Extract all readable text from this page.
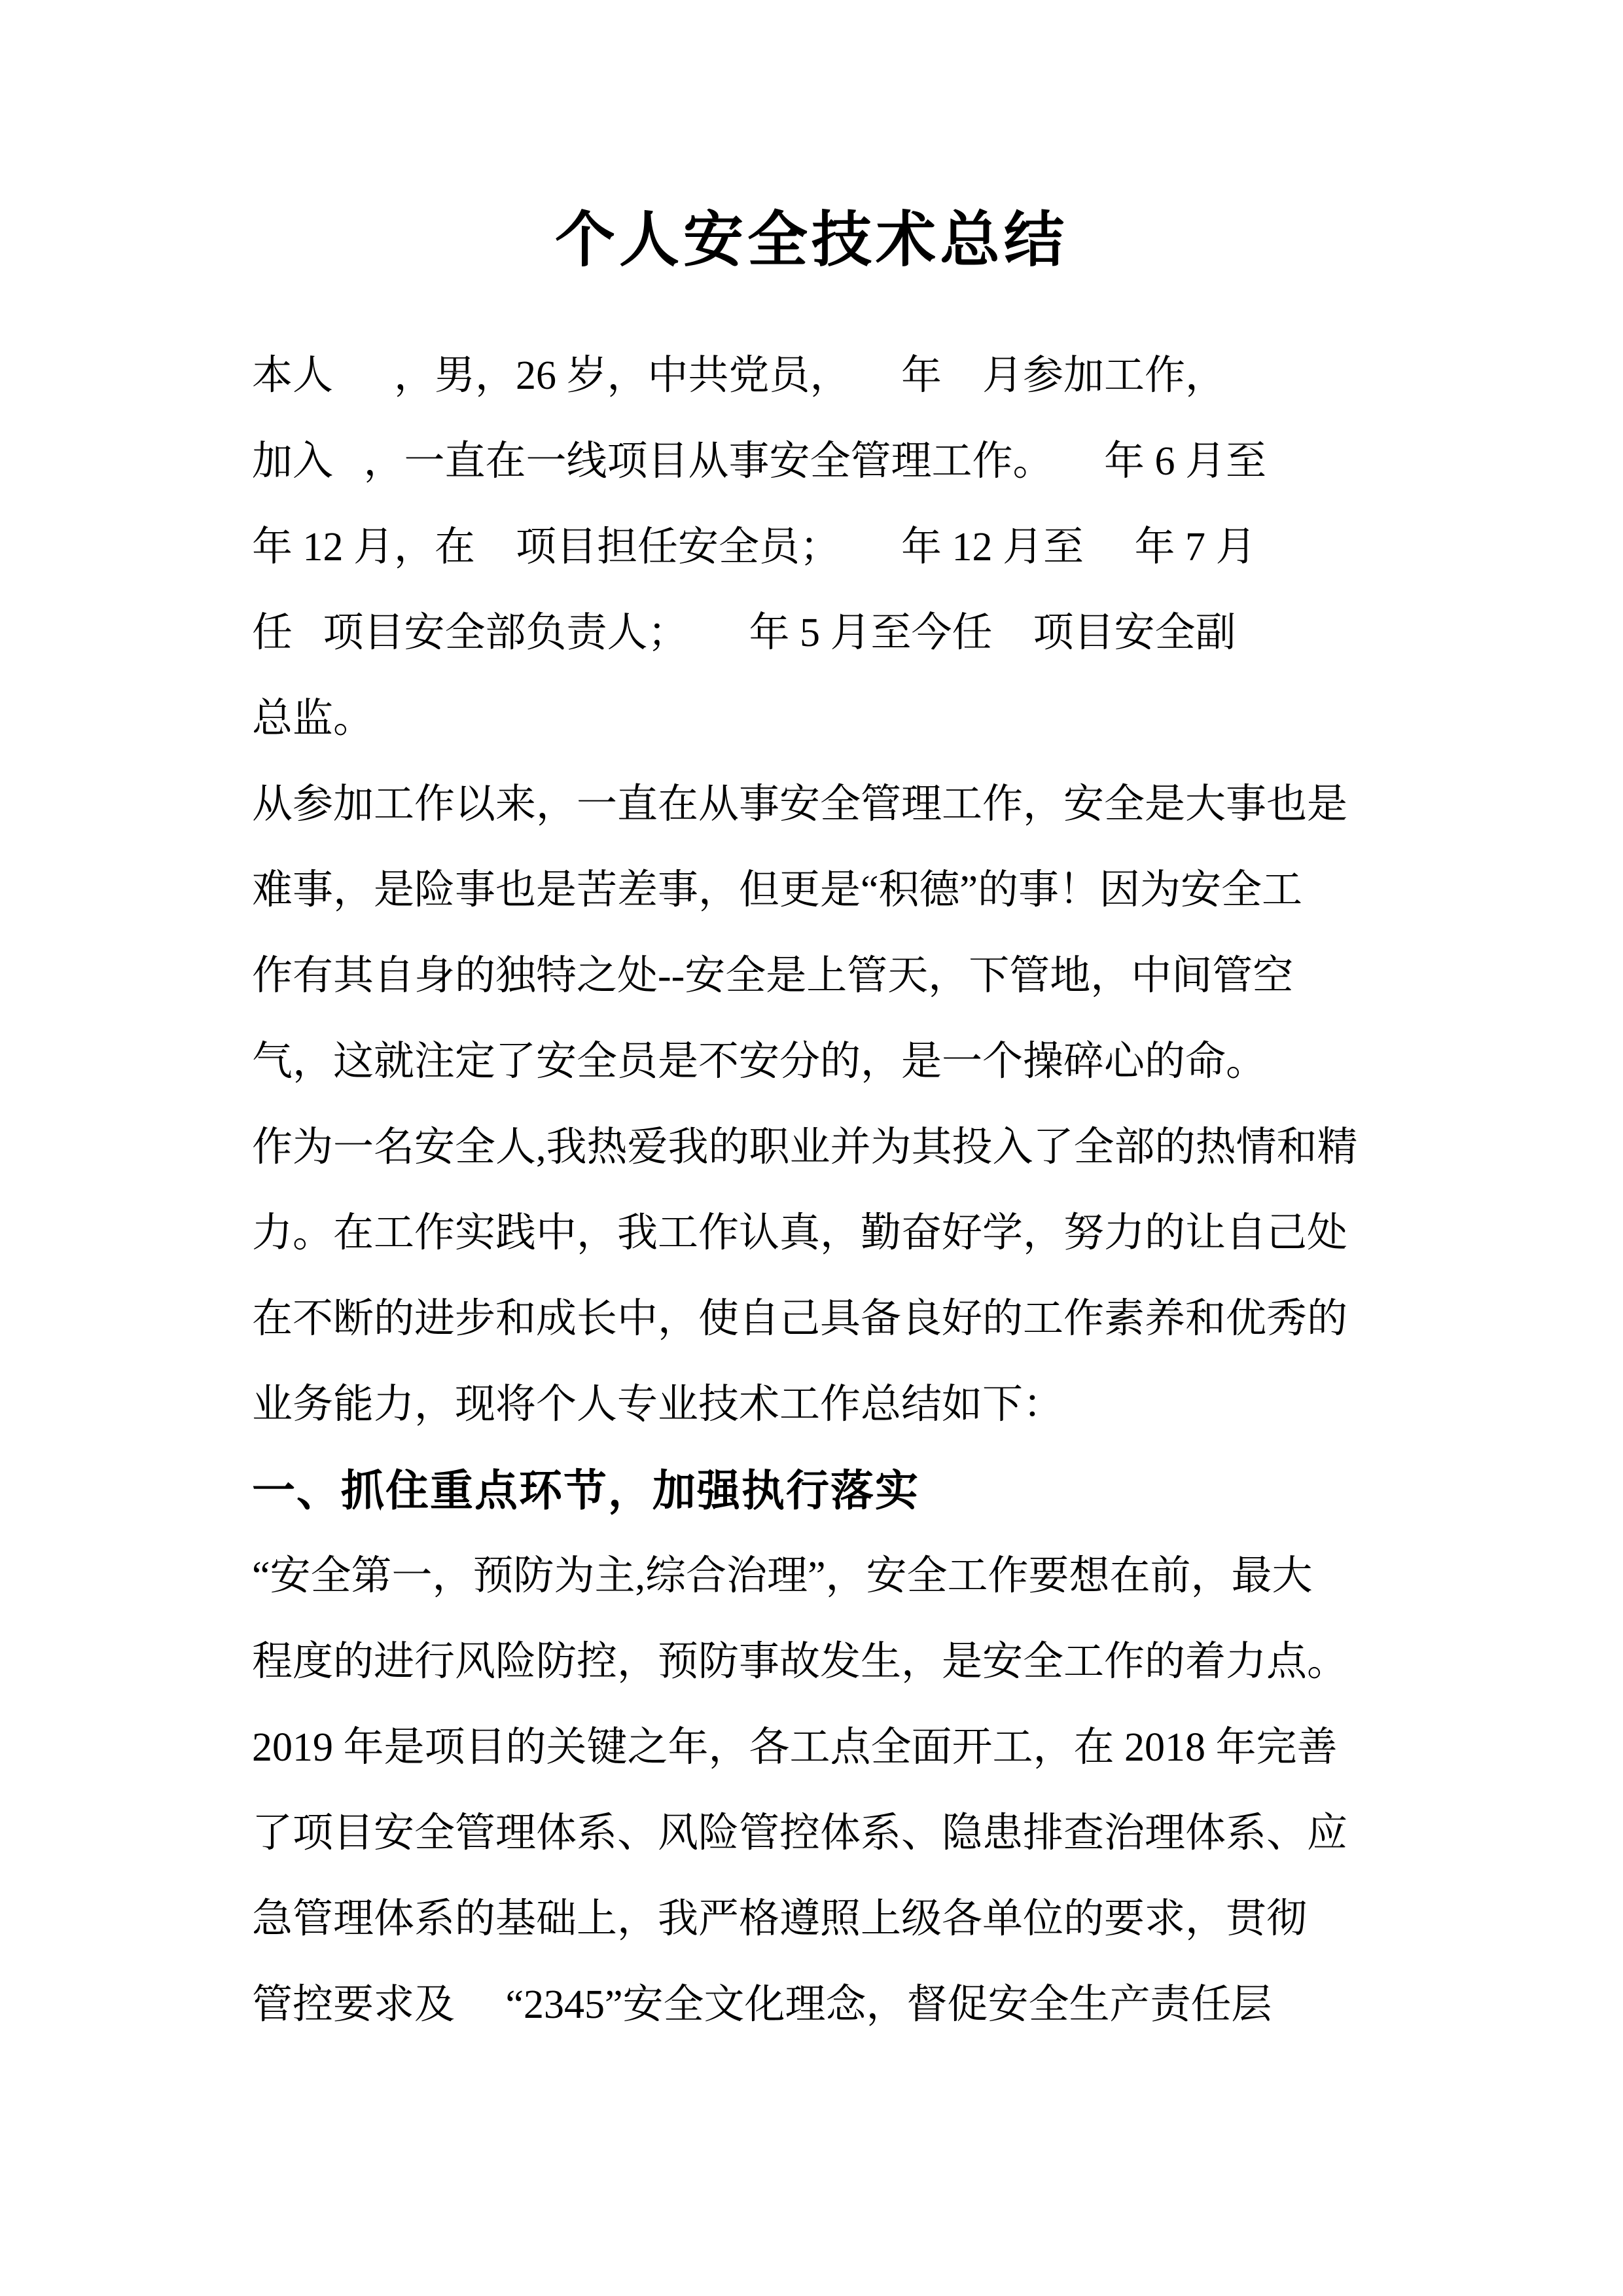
个人安全技术总结
本人      ，男，26 岁，中共党员，     年    月参加工作，
加入   ，一直在一线项目从事安全管理工作。     年 6 月至
年 12 月，在    项目担任安全员；      年 12 月至     年 7 月
任   项目安全部负责人；      年 5 月至今任    项目安全副
总监。
从参加工作以来，一直在从事安全管理工作，安全是大事也是
难事，是险事也是苦差事，但更是“积德”的事！因为安全工
作有其自身的独特之处--安全是上管天，下管地，中间管空
气，这就注定了安全员是不安分的，是一个操碎心的命。
作为一名安全人,我热爱我的职业并为其投入了全部的热情和精
力。在工作实践中，我工作认真，勤奋好学，努力的让自己处
在不断的进步和成长中，使自己具备良好的工作素养和优秀的
业务能力，现将个人专业技术工作总结如下：
一、抓住重点环节，加强执行落实
“安全第一，预防为主,综合治理”，安全工作要想在前，最大
程度的进行风险防控，预防事故发生，是安全工作的着力点。
2019 年是项目的关键之年，各工点全面开工，在 2018 年完善
了项目安全管理体系、风险管控体系、隐患排查治理体系、应
急管理体系的基础上，我严格遵照上级各单位的要求，贯彻
管控要求及     “2345”安全文化理念，督促安全生产责任层
